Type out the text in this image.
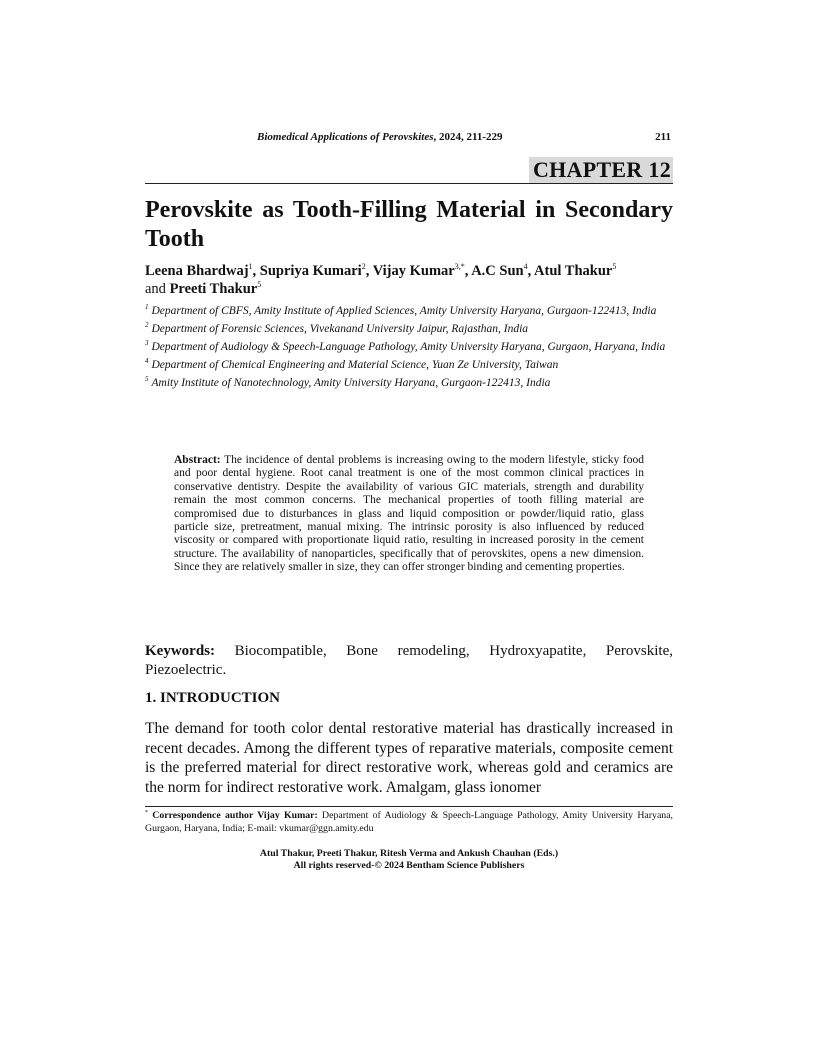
Biomedical Applications of Perovskites, 2024, 211-229	211
CHAPTER 12
Perovskite as Tooth-Filling Material in Secondary Tooth

Leena Bhardwaj$^1$, Supriya Kumari$^2$, Vijay Kumar$^{3,*}$, A.C Sun$^4$, Atul Thakur$^5$
and Preeti Thakur$^5$

$^1$ Department of CBFS, Amity Institute of Applied Sciences, Amity University Haryana, Gurgaon-122413, India

$^2$ Department of Forensic Sciences, Vivekanand University Jaipur, Rajasthan, India

$^3$ Department of Audiology & Speech-Language Pathology, Amity University Haryana, Gurgaon, Haryana, India

$^4$ Department of Chemical Engineering and Material Science, Yuan Ze University, Taiwan

$^5$ Amity Institute of Nanotechnology, Amity University Haryana, Gurgaon-122413, India

Abstract: The incidence of dental problems is increasing owing to the modern lifestyle, sticky food and poor dental hygiene. Root canal treatment is one of the most common clinical practices in conservative dentistry. Despite the availability of various GIC materials, strength and durability remain the most common concerns. The mechanical properties of tooth filling material are compromised due to disturbances in glass and liquid composition or powder/liquid ratio, glass particle size, pretreatment, manual mixing. The intrinsic porosity is also influenced by reduced viscosity or compared with proportionate liquid ratio, resulting in increased porosity in the cement structure. The availability of nanoparticles, specifically that of perovskites, opens a new dimension. Since they are relatively smaller in size, they can offer stronger binding and cementing properties.

Keywords: Biocompatible, Bone remodeling, Hydroxyapatite, Perovskite, Piezoelectric.

1. INTRODUCTION

The demand for tooth color dental restorative material has drastically increased in recent decades. Among the different types of reparative materials, composite cement is the preferred material for direct restorative work, whereas gold and ceramics are the norm for indirect restorative work. Amalgam, glass ionomer

* Correspondence author Vijay Kumar: Department of Audiology & Speech-Language Pathology, Amity University Haryana, Gurgaon, Haryana, India; E-mail: vkumar@ggn.amity.edu

Atul Thakur, Preeti Thakur, Ritesh Verma and Ankush Chauhan (Eds.)
All rights reserved-© 2024 Bentham Science Publishers
